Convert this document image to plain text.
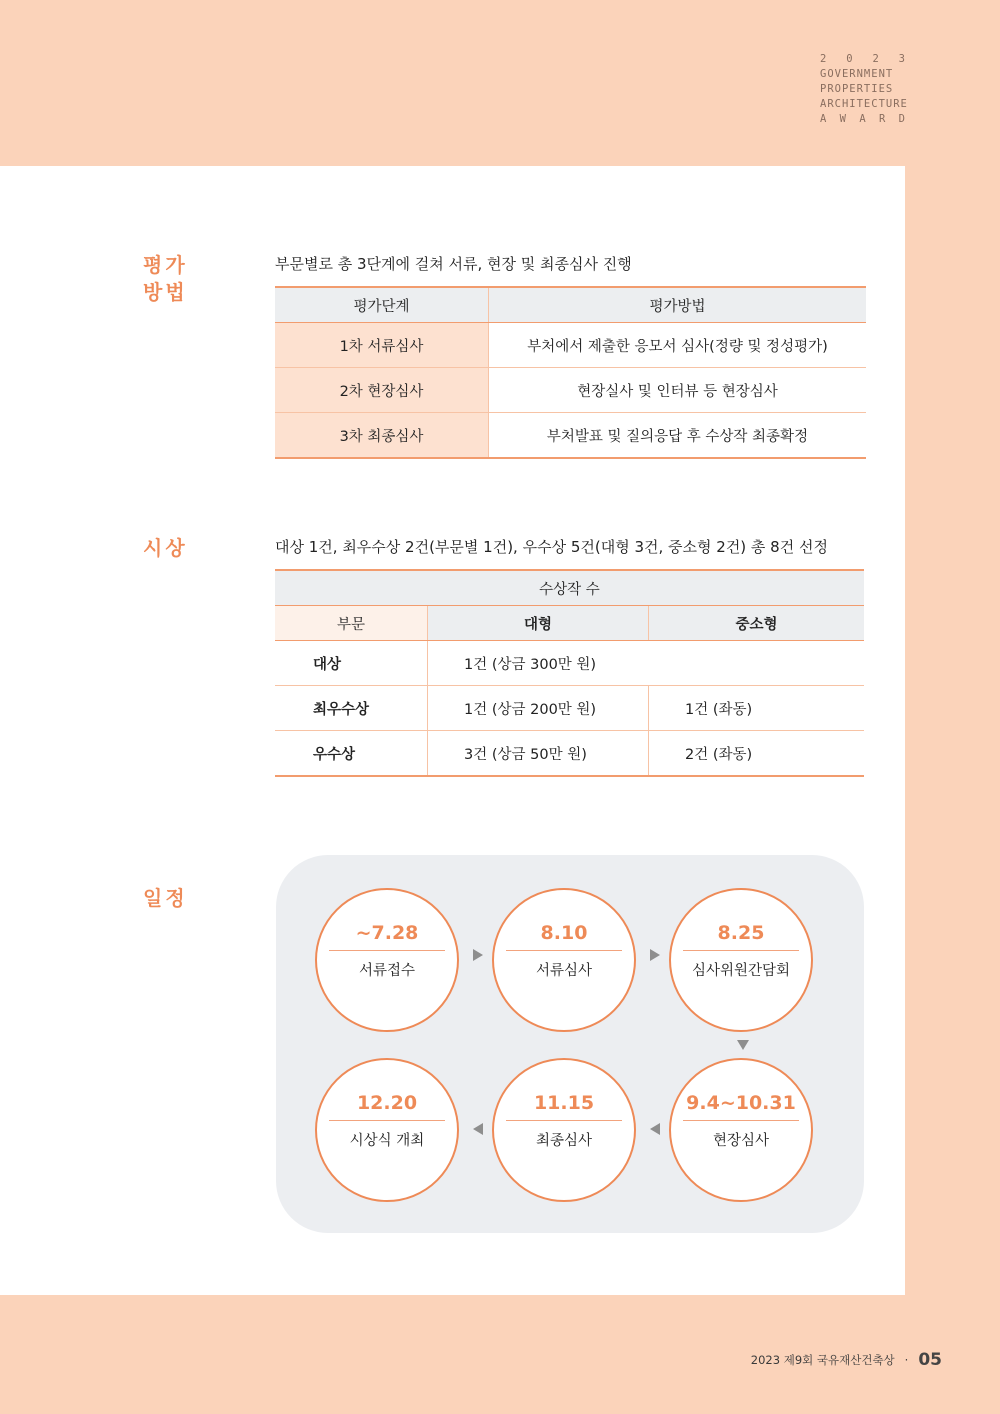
2 0 2 3
GOVERNMENT
PROPERTIES
ARCHITECTURE
A W A R D
평가
방법
부문별로 총 3단계에 걸쳐 서류, 현장 및 최종심사 진행
평가단계	평가방법
1차 서류심사	부처에서 제출한 응모서 심사(정량 및 정성평가)
2차 현장심사	현장실사 및 인터뷰 등 현장심사
3차 최종심사	부처발표 및 질의응답 후 수상작 최종확정
시상	대상 1건, 최우수상 2건(부문별 1건), 우수상 5건(대형 3건, 중소형 2건) 총 8건 선정
수상작 수		
부문	대형	중소형
대상	1건 (상금 300만 원)	
최우수상	1건 (상금 200만 원)	1건 (좌동)
우수상	3건 (상금 50만 원)	2건 (좌동)
일정
~7.28
서류접수
8.10
서류심사
8.25
심사위원간담회
9.4~10.31
현장심사
11.15
최종심사
12.20
시상식 개최
2023 제9회 국유재산건축상 · 05
